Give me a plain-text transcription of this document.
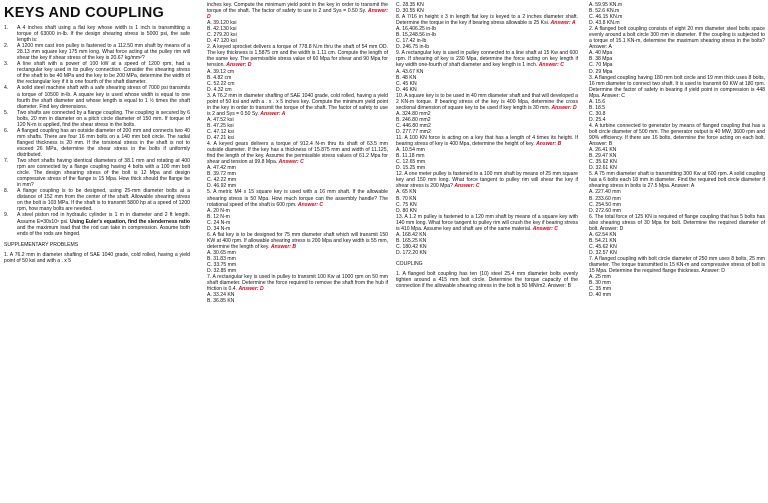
KEYS AND COUPLING
1.	A 4 inches shaft using a flat key whose width is 1 inch is transmitting a torque of 63000 in-lb. If the design shearing stress is 5000 psi, the safe length is:
2.	A 1200 mm cast iron pulley is fastened to a 112.50 mm shaft by means of a 28.13 mm square key 175 mm long. What force acting at the pulley rim will shear the key if shear stress of the key is 20.67 kg/mm²?
3.	A line shaft with a power of 100 kW at a speed of 1200 rpm, had a rectangular key used in its pulley connection. Consider the shearing stress of the shaft to be 40 MPa and the key to be 200 MPa, determine the width of the rectangular key if it is one fourth of the shaft diameter.
4.	A solid steel machine shaft with a safe shearing stress of 7000 psi transmits a torque of 10500 in-lb. A square key is used whose width is equal to one fourth the shaft diameter and whose length is equal to 1 ½ times the shaft diameter. Find key dimensions.
5.	Two shafts are connected by a flange coupling. The coupling is secured by 6 bolts, 20 mm in diameter on a pitch circle diameter of 150 mm. If torque of 120 N-m is applied, find the shear stress in the bolts.
6.	A flanged coupling has an outside diameter of 200 mm and connects two 40 mm shafts. There are four 16 mm bolts on a 140 mm bolt circle. The radial flanged thickness is 20 mm. If the torsional stress in the shaft is not to exceed 26 MPa, determine the shear stress in the bolts if uniformly distributed.
7.	Two short shafts having identical diameters of 38.1 mm and rotating at 400 rpm are connected by a flange coupling having 4 bolts with a 100 mm bolt circle. The design shearing stress of the bolt is 12 Mpa and design compressive stress of the flange is 15 Mpa. How thick should the flange be in mm?
8.	A flange coupling is to be designed, using 25-mm diameter bolts at a distance of 152 mm from the center of the shaft. Allowable shearing stress on the bolt is 103 MPa. If the shaft is to transmit 5800 hp at a speed of 1200 rpm, how many bolts are needed.
9.	A steel piston rod in hydraulic cylinder is 1 m in diameter and 2 ft length. Assume E=30x10⁶ psi. Using Euler's equation, find the slenderness ratio and the maximum load that the rod can take in compression. Assume both ends of the rods are hinged.
SUPPLEMENTARY PROBLEMS

1. A 76.2 mm in diameter shafting of SAE 1040 grade, cold rolled, having a yield point of 50 ksi and with a . x 5

inches key. Compute the minimum yield point in the key in order to transmit the torque of the shaft. The factor of safety to use is 2 and Sys = 0.50 Sy. Answer: D

A. 39.120 ksi
B. 42.130 ksi
C. 279.20 ksi
D. 47.120 ksi

2. A keyed sprocket delivers a torque of 778.8 N.m thru the shaft of 54 mm OD. The key thickness is 1.5875 cm and the width is 1.11 cm. Compute the length of the same key. The permissible stress value of 60 Mpa for shear and 90 Mpa for tension. Answer: D

A. 39.12 cm
B. 4.82 cm
C. 52.22 cm
D. 4.32 cm

3. A 76.2 mm in diameter shafting of SAE 1040 grade, cold rolled, having a yield point of 50 ksi and with a . x . x 5 inches key. Compute the minimum yield point in the key in order to transmit the torque of the shaft. The factor of safety to use is 2 and Sys = 0.50 Sy. Answer: A

A. 47.52 ksi
B. 47.25 ksi
C. 47.12 ksi
D. 47.21 ksi

4. A keyed gears delivers a torque of 912.4 N-m thru its shaft of 63.5 mm outside diameter. If the key has a thickness of 15.875 mm and width of 11.125, find the length of the key. Assume the permissible stress values of 61.2 Mpa for shear and tension at 99.8 Mpa. Answer: C

A. 47.42 mm
B. 39.72 mm
C. 42.22 mm
D. 46.92 mm

5. A metric M4 x 15 square key is used with a 16 mm shaft. If the allowable shearing stress is 50 Mpa. How much torque can the assembly handle? The rotational speed of the shaft is 600 rpm. Answer: C

A. 20 N-m
B. 12 N-m
C. 24 N-m
D. 34 N-m

6. A flat key is to be designed for 75 mm diameter shaft which will transmit 150 KW at 400 rpm. If allowable shearing stress is 200 Mpa and key width is 55 mm, determine the length of key. Answer: B

A. 30.65 mm
B. 31.83 mm
C. 33.75 mm
D. 32.85 mm

7. A rectangular key is used in pulley to transmit 100 Kw at 1000 rpm on 50 mm shaft diameter. Determine the force required to remove the shaft from the hub if friction is 0.4. Answer: D

A. 33.24 KN
B. 36.85 KN
C. 28.35 KN
D. 30.55 KN

8. A 7/16 in height x 3 in length flat key is keyed to a 2 inches diameter shaft. Determine the torque in the key if bearing stress allowable is 25 Ksi. Answer: A

A. 16,406.25 in-lb
B. 15,248.56 in-lb
C. 17.42 in-lb
D. 246.75 in-lb

9. A rectangular key is used in pulley connected to a line shaft at 15 Kw and 600 rpm. If shearing of key is 230 Mpa, determine the force acting on key length if key width one-fourth of shaft diameter and key length is 1 inch. Answer: C

A. 43.67 KN
B. 48 KN
C. 45 KN
D. 46 KN

10. A square key is to be used in 40 mm diameter shaft and that will developed a 2 KN-m torque. If bearing stress of the key is 400 Mpa, determine the cross sectional dimension of square key to be used if key length is 30 mm. Answer: D

A. 324.80 mm2
B. 246.80 mm2
C. 446.80 mm2
D. 277.77 mm2

11. A 100 KN force is acting on a key that has a length of 4 times its height. If bearing stress of key is 400 Mpa, determine the height of key. Answer: B

A. 10.54 mm
B. 11.18 mm
C. 12.65 mm
D. 15.25 mm

12. A one meter pulley is fastened to a 100 mm shaft by means of 25 mm square key and 150 mm long. What force tangent to pulley rim will shear the key if shear stress is 200 Mpa? Answer: C

A. 65 KN
B. 70 KN
C. 75 KN
D. 80 KN

13. A 1.2 m pulley is fastened to a 120 mm shaft by means of a square key with 140 mm long. What force tangent to pulley rim will crush the key if bearing stress is 410 Mpa. Assume key and shaft are of the same material. Answer: C

A. 168.42 KN
B. 165.25 KN
C. 180.42 KN
D. 172.20 KN
COUPLING

1. A flanged bolt coupling has ten (10) steel 25.4 mm diameter bolts evenly tighten around a 415 mm bolt circle. Determine the torque capacity of the connection if the allowable shearing stress in the bolt is 50 MN/m2. Answer: B

A. 59.95 KN.m
B. 52.6 KN.m
C. 46.15 KN.m
D. 43.8 KN.m

2. A flanged bolt coupling consists of eight 20 mm diameter steel bolts space evenly around a bolt circle 300 mm in diameter. If the coupling is subjected to a torque of 15.1 KN-m, determine the maximum shearing stress in the bolts? Answer: A

A. 40 Mpa
B. 38 Mpa
C. 70 Mpa
D. 29 Mpa

3. A flanged coupling having 180 mm bolt circle and 19 mm thick uses 8 bolts, 16 mm diameter to connect two shaft. It is used to transmit 60 KW at 180 rpm. Determine the factor of safety in bearing if yield point in compression is 448 Mpa. Answer: C

A. 15.6
B. 18.5
C. 30.8
D. 25.4

4. A turbine connected to generator by means of flanged coupling that has a bolt circle diameter of 500 mm. The generator output is 40 MW, 3600 rpm and 90% efficiency. If there are 16 bolts, determine the force acting on each bolt. Answer: B

A. 26.41 KN
B. 29.47 KN
C. 35.62 KN
D. 32.61 KN

5. A 75 mm diameter shaft is transmitting 300 Kw at 600 rpm. A solid coupling has a 6 bolts each 18 mm in diameter. Find the required bolt circle diameter if shearing stress in bolts is 27.5 Mpa. Answer: A

A. 227.40 mm
B. 233.60 mm
C. 254.50 mm
D. 272.60 mm

6. The total force of 125 KN is required of flange coupling that has 5 bolts has also shearing stress of 30 Mpa for bolt. Determine the required diameter of bolt. Answer: D

A. 62.54 KN
B. 54.21 KN
C. 45.62 KN
D. 32.57 KN

7. A flanged coupling with bolt circle diameter of 250 mm uses 8 bolts, 25 mm diameter. The torque transmitted is 15 KN-m and compressive stress of bolt is 15 Mpa. Determine the required flange thickness. Answer: D

A. 25 mm
B. 30 mm
C. 35 mm
D. 40 mm
